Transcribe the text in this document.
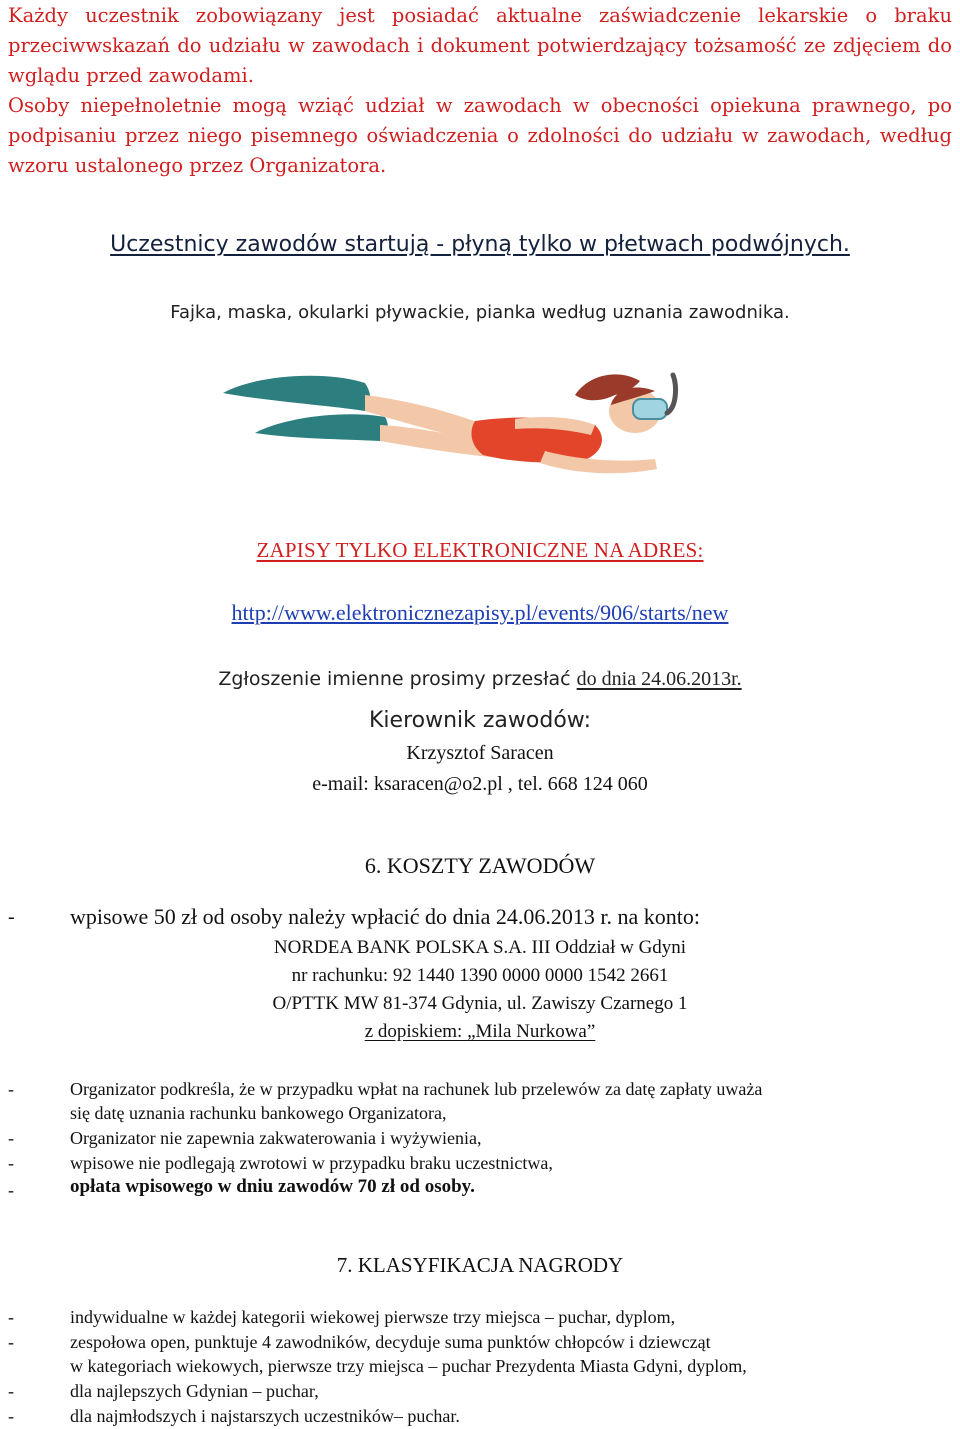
Każdy uczestnik zobowiązany jest posiadać aktualne zaświadczenie lekarskie o braku przeciwwskazań do udziału w zawodach i dokument potwierdzający tożsamość ze zdjęciem do wglądu przed zawodami.
Osoby niepełnoletnie mogą wziąć udział w zawodach w obecności opiekuna prawnego, po podpisaniu przez niego pisemnego oświadczenia o zdolności do udziału w zawodach, według wzoru ustalonego przez Organizatora.
Uczestnicy zawodów startują - płyną tylko w płetwach podwójnych.
Fajka, maska, okularki pływackie, pianka według uznania zawodnika.
ZAPISY TYLKO ELEKTRONICZNE NA ADRES:
http://www.elektronicznezapisy.pl/events/906/starts/new
Zgłoszenie imienne prosimy przesłać do dnia 24.06.2013r.
Kierownik zawodów:
Krzysztof Saracen
e-mail: ksaracen@o2.pl , tel. 668 124 060
6. KOSZTY ZAWODÓW
-	wpisowe 50 zł od osoby należy wpłacić do dnia 24.06.2013 r. na konto:
NORDEA BANK POLSKA S.A. III Oddział w Gdyni
nr rachunku: 92 1440 1390 0000 0000 1542 2661
O/PTTK MW 81-374 Gdynia, ul. Zawiszy Czarnego 1
z dopiskiem: „Mila Nurkowa”
-	Organizator podkreśla, że w przypadku wpłat na rachunek lub przelewów za datę zapłaty uważa
się datę uznania rachunku bankowego Organizatora,
-	Organizator nie zapewnia zakwaterowania i wyżywienia,
-	wpisowe nie podlegają zwrotowi w przypadku braku uczestnictwa,
-	opłata wpisowego w dniu zawodów 70 zł od osoby.
7. KLASYFIKACJA NAGRODY
-	indywidualne w każdej kategorii wiekowej pierwsze trzy miejsca – puchar, dyplom,
-	zespołowa open, punktuje 4 zawodników, decyduje suma punktów chłopców i dziewcząt
w kategoriach wiekowych, pierwsze trzy miejsca – puchar Prezydenta Miasta Gdyni, dyplom,
-	dla najlepszych Gdynian – puchar,
-	dla najmłodszych i najstarszych uczestników– puchar.
